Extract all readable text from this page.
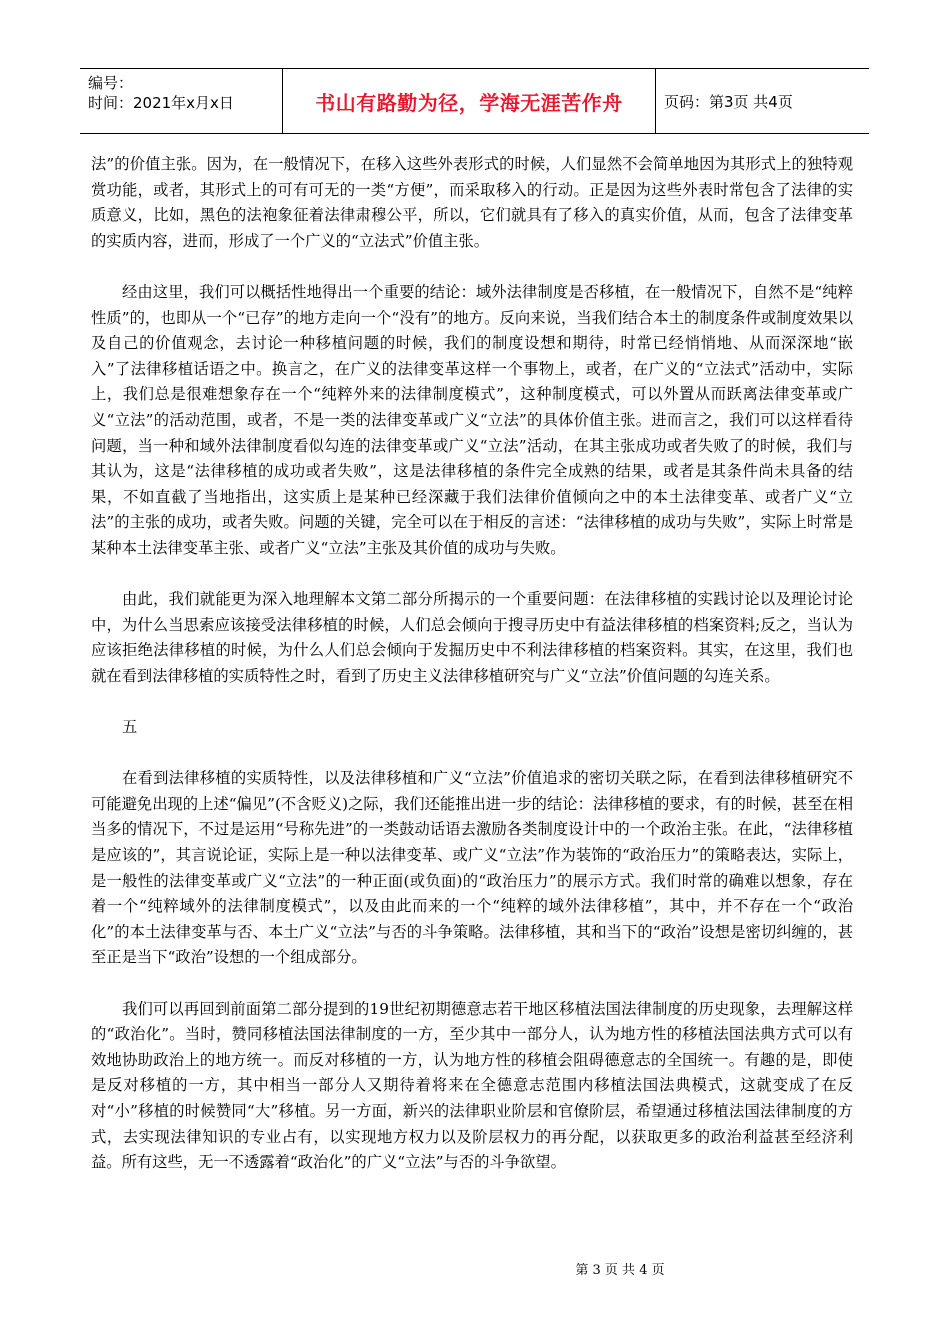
编号：
时间：2021年x月x日	书山有路勤为径，学海无涯苦作舟	页码：第3页 共4页

法”的价值主张。因为，在一般情况下，在移入这些外表形式的时候，人们显然不会简单地因为其形式上的独特观赏功能，或者，其形式上的可有可无的一类“方便”，而采取移入的行动。正是因为这些外表时常包含了法律的实质意义，比如，黑色的法袍象征着法律肃穆公平，所以，它们就具有了移入的真实价值，从而，包含了法律变革的实质内容，进而，形成了一个广义的“立法式”价值主张。

经由这里，我们可以概括性地得出一个重要的结论：域外法律制度是否移植，在一般情况下，自然不是“纯粹性质”的，也即从一个“已存”的地方走向一个“没有”的地方。反向来说，当我们结合本土的制度条件或制度效果以及自己的价值观念，去讨论一种移植问题的时候，我们的制度设想和期待，时常已经悄悄地、从而深深地“嵌入”了法律移植话语之中。换言之，在广义的法律变革这样一个事物上，或者，在广义的“立法式”活动中，实际上，我们总是很难想象存在一个“纯粹外来的法律制度模式”，这种制度模式，可以外置从而跃离法律变革或广义“立法”的活动范围，或者，不是一类的法律变革或广义“立法”的具体价值主张。进而言之，我们可以这样看待问题，当一种和域外法律制度看似勾连的法律变革或广义“立法”活动，在其主张成功或者失败了的时候，我们与其认为，这是“法律移植的成功或者失败”，这是法律移植的条件完全成熟的结果，或者是其条件尚未具备的结果，不如直截了当地指出，这实质上是某种已经深藏于我们法律价值倾向之中的本土法律变革、或者广义“立法”的主张的成功，或者失败。问题的关键，完全可以在于相反的言述：“法律移植的成功与失败”，实际上时常是某种本土法律变革主张、或者广义“立法”主张及其价值的成功与失败。

由此，我们就能更为深入地理解本文第二部分所揭示的一个重要问题：在法律移植的实践讨论以及理论讨论中，为什么当思索应该接受法律移植的时候，人们总会倾向于搜寻历史中有益法律移植的档案资料;反之，当认为应该拒绝法律移植的时候，为什么人们总会倾向于发掘历史中不利法律移植的档案资料。其实，在这里，我们也就在看到法律移植的实质特性之时，看到了历史主义法律移植研究与广义“立法”价值问题的勾连关系。

五

在看到法律移植的实质特性，以及法律移植和广义“立法”价值追求的密切关联之际，在看到法律移植研究不可能避免出现的上述“偏见”(不含贬义)之际，我们还能推出进一步的结论：法律移植的要求，有的时候，甚至在相当多的情况下，不过是运用“号称先进”的一类鼓动话语去激励各类制度设计中的一个政治主张。在此，“法律移植是应该的”，其言说论证，实际上是一种以法律变革、或广义“立法”作为装饰的“政治压力”的策略表达，实际上，是一般性的法律变革或广义“立法”的一种正面(或负面)的“政治压力”的展示方式。我们时常的确难以想象，存在着一个“纯粹域外的法律制度模式”，以及由此而来的一个“纯粹的域外法律移植”，其中，并不存在一个“政治化”的本土法律变革与否、本土广义“立法”与否的斗争策略。法律移植，其和当下的“政治”设想是密切纠缠的，甚至正是当下“政治”设想的一个组成部分。

我们可以再回到前面第二部分提到的19世纪初期德意志若干地区移植法国法律制度的历史现象，去理解这样的“政治化”。当时，赞同移植法国法律制度的一方，至少其中一部分人，认为地方性的移植法国法典方式可以有效地协助政治上的地方统一。而反对移植的一方，认为地方性的移植会阻碍德意志的全国统一。有趣的是，即使是反对移植的一方，其中相当一部分人又期待着将来在全德意志范围内移植法国法典模式，这就变成了在反对“小”移植的时候赞同“大”移植。另一方面，新兴的法律职业阶层和官僚阶层，希望通过移植法国法律制度的方式，去实现法律知识的专业占有，以实现地方权力以及阶层权力的再分配，以获取更多的政治利益甚至经济利益。所有这些，无一不透露着“政治化”的广义“立法”与否的斗争欲望。

第 3 页 共 4 页
